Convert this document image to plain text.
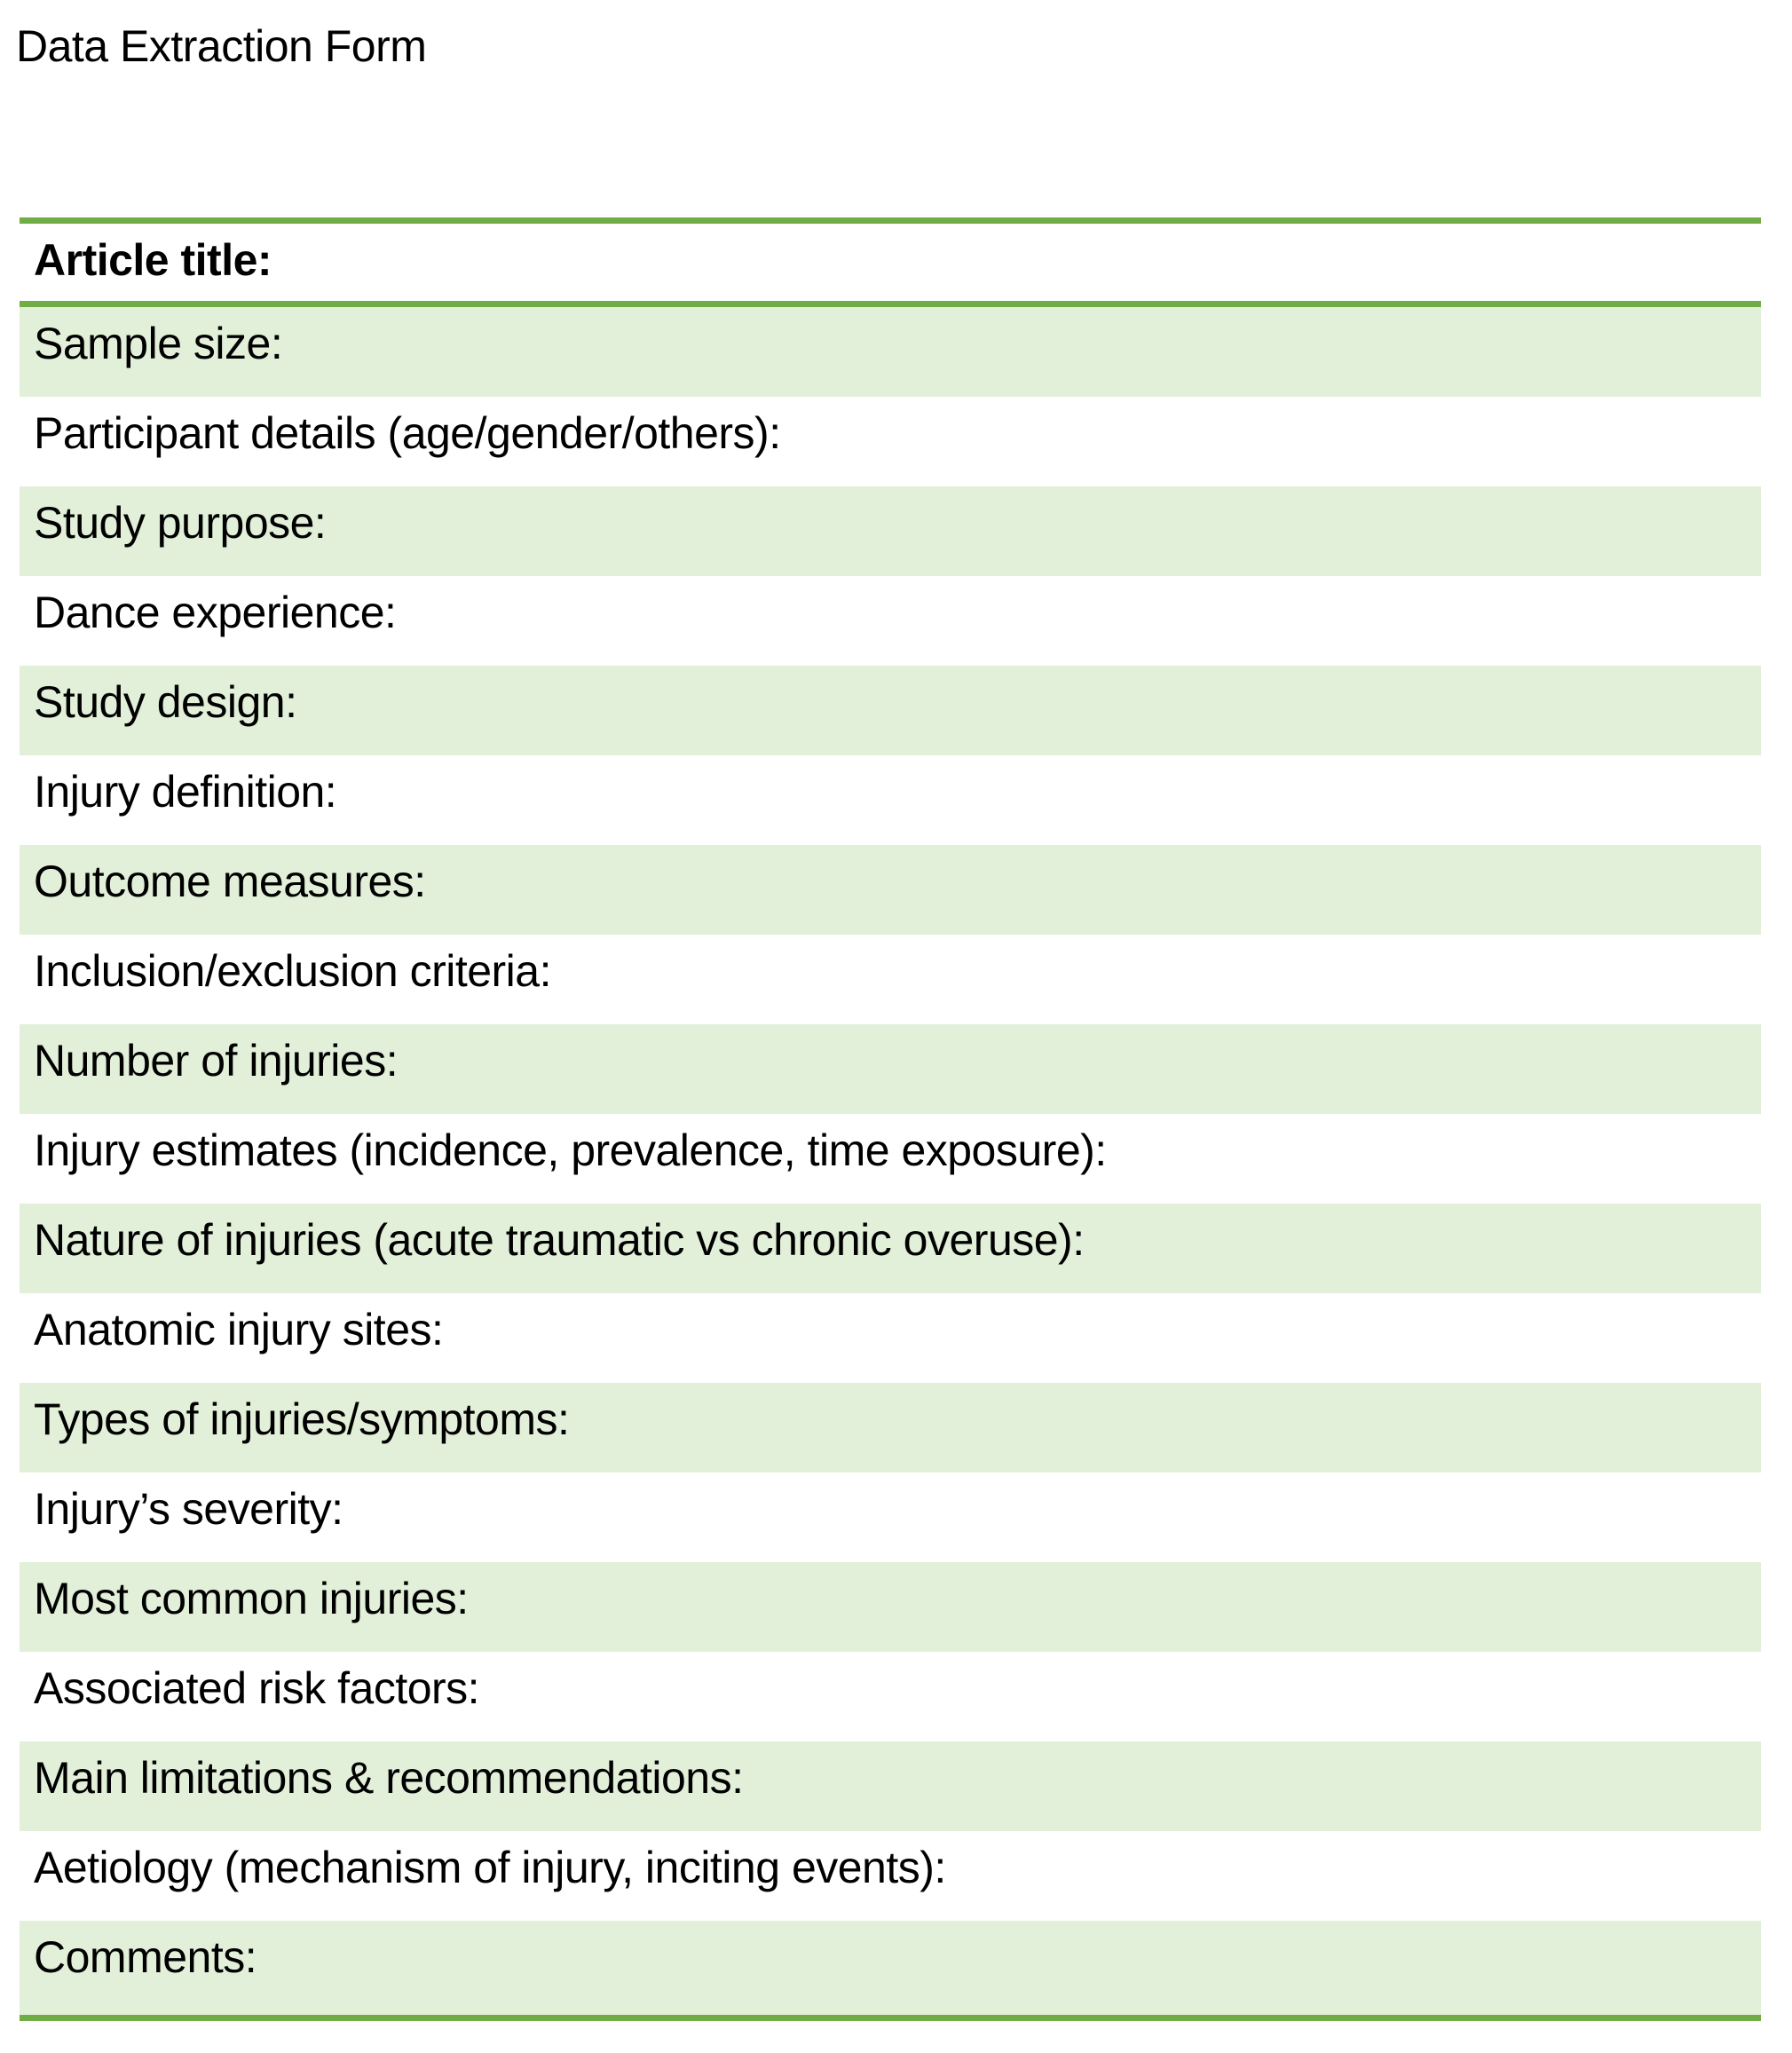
Data Extraction Form
Article title:
Sample size:
Participant details (age/gender/others):
Study purpose:
Dance experience:
Study design:
Injury definition:
Outcome measures:
Inclusion/exclusion criteria:
Number of injuries:
Injury estimates (incidence, prevalence, time exposure):
Nature of injuries (acute traumatic vs chronic overuse):
Anatomic injury sites:
Types of injuries/symptoms:
Injury’s severity:
Most common injuries:
Associated risk factors:
Main limitations & recommendations:
Aetiology (mechanism of injury, inciting events):
Comments:
